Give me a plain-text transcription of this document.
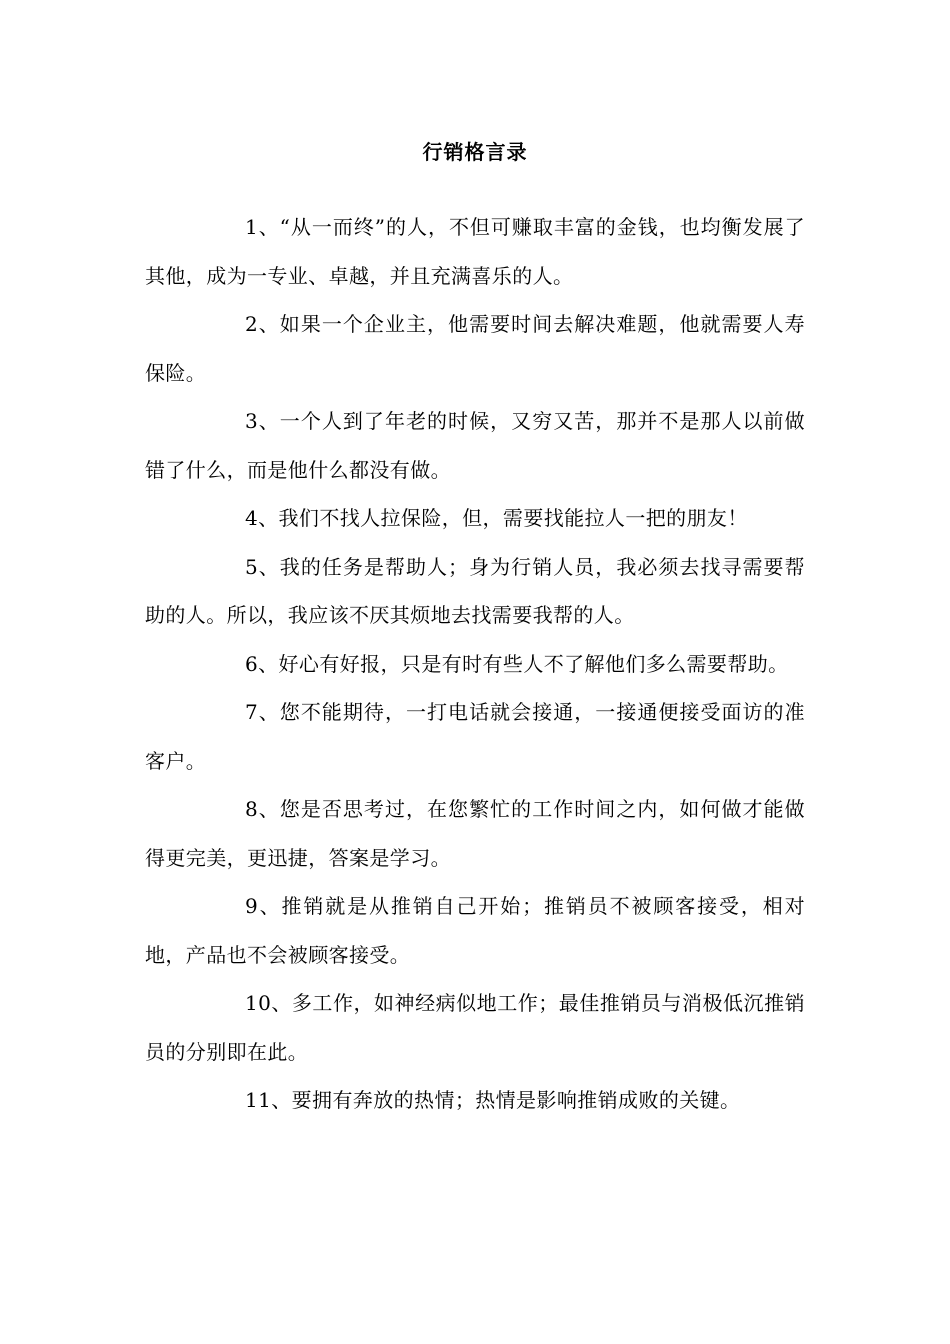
行销格言录

1、“从一而终”的人，不但可赚取丰富的金钱，也均衡发展了其他，成为一专业、卓越，并且充满喜乐的人。

2、如果一个企业主，他需要时间去解决难题，他就需要人寿保险。

3、一个人到了年老的时候，又穷又苦，那并不是那人以前做错了什么，而是他什么都没有做。

4、我们不找人拉保险，但，需要找能拉人一把的朋友！

5、我的任务是帮助人；身为行销人员，我必须去找寻需要帮助的人。所以，我应该不厌其烦地去找需要我帮的人。

6、好心有好报，只是有时有些人不了解他们多么需要帮助。

7、您不能期待，一打电话就会接通，一接通便接受面访的准客户。

8、您是否思考过，在您繁忙的工作时间之内，如何做才能做得更完美，更迅捷，答案是学习。

9、推销就是从推销自己开始；推销员不被顾客接受，相对地，产品也不会被顾客接受。

10、多工作，如神经病似地工作；最佳推销员与消极低沉推销员的分别即在此。

11、要拥有奔放的热情；热情是影响推销成败的关键。
